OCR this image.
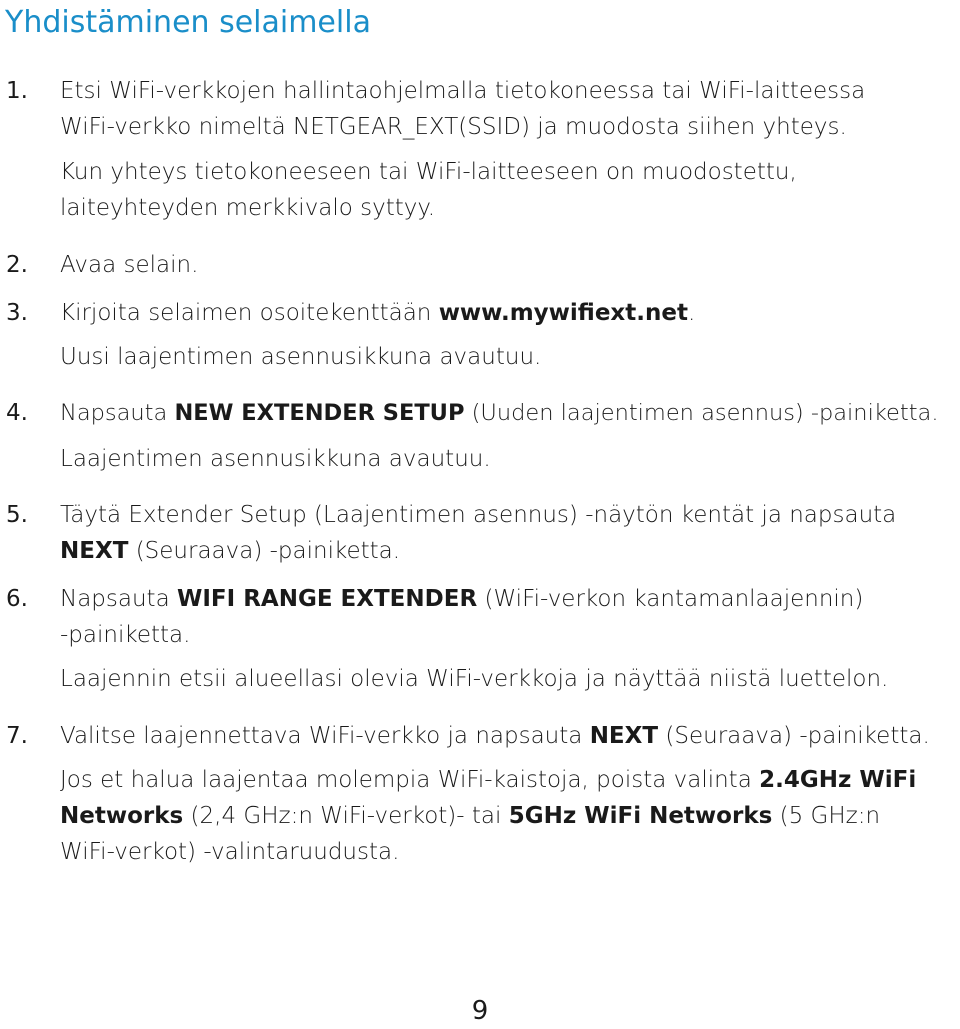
Yhdistäminen selaimella
1. Etsi WiFi-verkkojen hallintaohjelmalla tietokoneessa tai WiFi-laitteessa
WiFi-verkko nimeltä NETGEAR_EXT(SSID) ja muodosta siihen yhteys.
Kun yhteys tietokoneeseen tai WiFi-laitteeseen on muodostettu,
laiteyhteyden merkkivalo syttyy.
2. Avaa selain.
3. Kirjoita selaimen osoitekenttään www.mywifiext.net.
Uusi laajentimen asennusikkuna avautuu.
4. Napsauta NEW EXTENDER SETUP (Uuden laajentimen asennus) -painiketta.
Laajentimen asennusikkuna avautuu.
5. Täytä Extender Setup (Laajentimen asennus) -näytön kentät ja napsauta
NEXT (Seuraava) -painiketta.
6. Napsauta WIFI RANGE EXTENDER (WiFi-verkon kantamanlaajennin)
-painiketta.
Laajennin etsii alueellasi olevia WiFi-verkkoja ja näyttää niistä luettelon.
7. Valitse laajennettava WiFi-verkko ja napsauta NEXT (Seuraava) -painiketta.
Jos et halua laajentaa molempia WiFi-kaistoja, poista valinta 2.4GHz WiFi
Networks (2,4 GHz:n WiFi-verkot)- tai 5GHz WiFi Networks (5 GHz:n
WiFi-verkot) -valintaruudusta.
9
